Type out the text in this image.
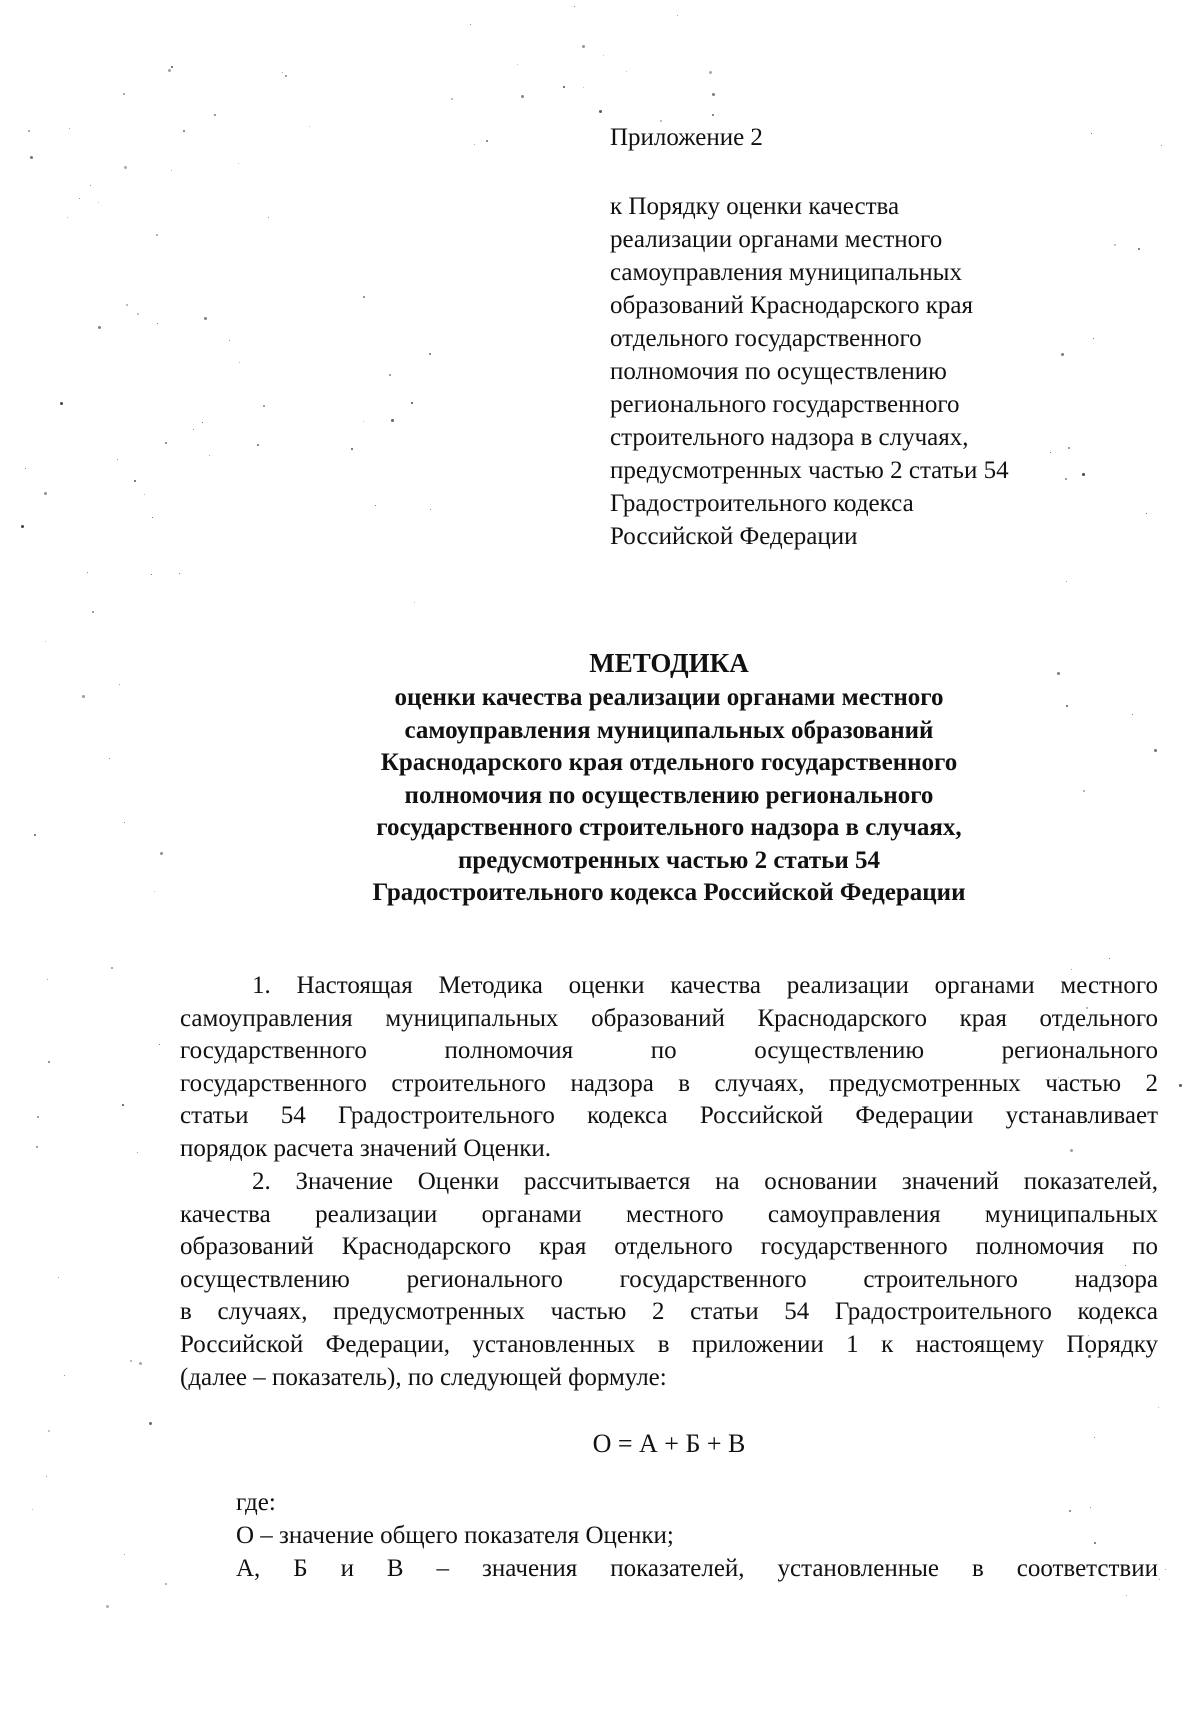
Приложение 2

к Порядку оценки качества
реализации органами местного
самоуправления муниципальных
образований Краснодарского края
отдельного государственного
полномочия по осуществлению
регионального государственного
строительного надзора в случаях,
предусмотренных частью 2 статьи 54
Градостроительного кодекса
Российской Федерации
МЕТОДИКА
оценки качества реализации органами местного
самоуправления муниципальных образований
Краснодарского края отдельного государственного
полномочия по осуществлению регионального
государственного строительного надзора в случаях,
предусмотренных частью 2 статьи 54
Градостроительного кодекса Российской Федерации
1. Настоящая Методика оценки качества реализации органами местного
самоуправления муниципальных образований Краснодарского края отдельного
государственного полномочия по осуществлению регионального
государственного строительного надзора в случаях, предусмотренных частью 2
статьи 54 Градостроительного кодекса Российской Федерации устанавливает
порядок расчета значений Оценки.
2. Значение Оценки рассчитывается на основании значений показателей,
качества реализации органами местного самоуправления муниципальных
образований Краснодарского края отдельного государственного полномочия по
осуществлению регионального государственного строительного надзора
в случаях, предусмотренных частью 2 статьи 54 Градостроительного кодекса
Российской Федерации, установленных в приложении 1 к настоящему Порядку
(далее – показатель), по следующей формуле:

О = А + Б + В

где:

О – значение общего показателя Оценки;

А, Б и В – значения показателей, установленные в соответствии
